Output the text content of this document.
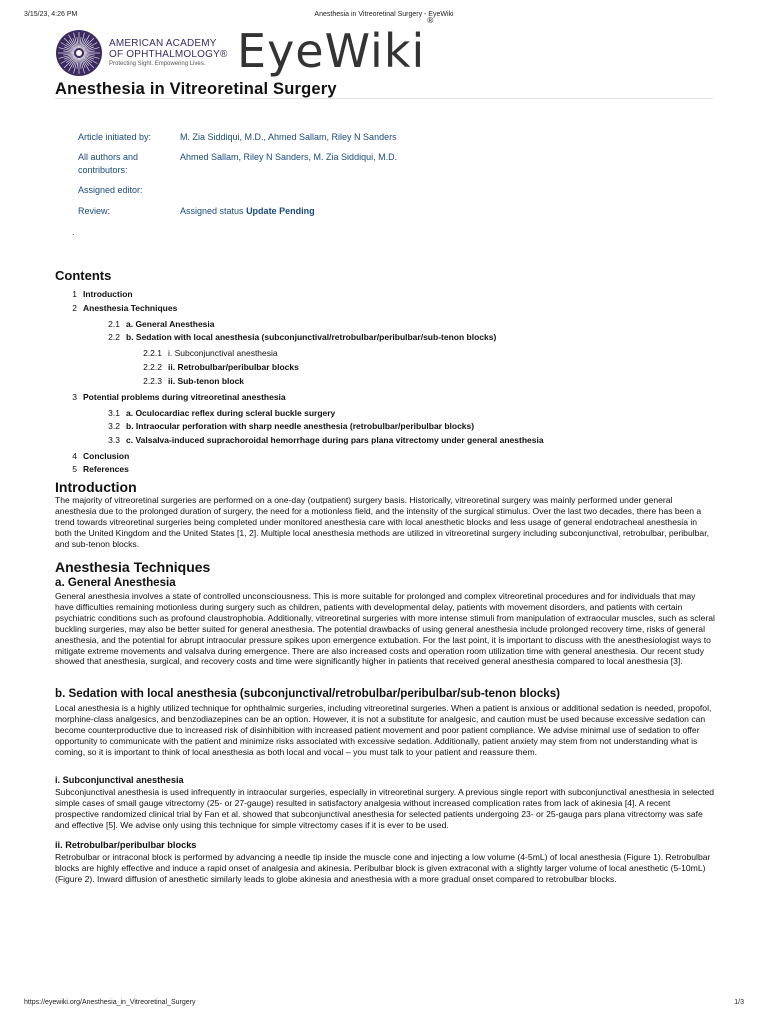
3/15/23, 4:26 PM	Anesthesia in Vitreoretinal Surgery - EyeWiki
AMERICAN ACADEMY
OF OPHTHALMOLOGY®
Protecting Sight. Empowering Lives. EyeWiki®
Anesthesia in Vitreoretinal Surgery
Article initiated by:	M. Zia Siddiqui, M.D., Ahmed Sallam, Riley N Sanders
All authors and contributors:
Ahmed Sallam, Riley N Sanders, M. Zia Siddiqui, M.D.
Assigned editor:
Review:	Assigned status Update Pending
.
Contents
1 Introduction
2 Anesthesia Techniques
2.1 a. General Anesthesia
2.2 b. Sedation with local anesthesia (subconjunctival/retrobulbar/peribulbar/sub-tenon blocks)
2.2.1 i. Subconjunctival anesthesia
2.2.2 ii. Retrobulbar/peribulbar blocks
2.2.3 ii. Sub-tenon block
3 Potential problems during vitreoretinal anesthesia
3.1 a. Oculocardiac reflex during scleral buckle surgery
3.2 b. Intraocular perforation with sharp needle anesthesia (retrobulbar/peribulbar blocks)
3.3 c. Valsalva-induced suprachoroidal hemorrhage during pars plana vitrectomy under general anesthesia
4 Conclusion
5 References
Introduction

The majority of vitreoretinal surgeries are performed on a one-day (outpatient) surgery basis. Historically, vitreoretinal surgery was mainly performed under general anesthesia due to the prolonged duration of surgery, the need for a motionless field, and the intensity of the surgical stimulus. Over the last two decades, there has been a trend towards vitreoretinal surgeries being completed under monitored anesthesia care with local anesthetic blocks and less usage of general endotracheal anesthesia in both the United Kingdom and the United States [1, 2]. Multiple local anesthesia methods are utilized in vitreoretinal surgery including subconjunctival, retrobulbar, peribulbar, and sub-tenon blocks.

Anesthesia Techniques
a. General Anesthesia

General anesthesia involves a state of controlled unconsciousness. This is more suitable for prolonged and complex vitreoretinal procedures and for individuals that may have difficulties remaining motionless during surgery such as children, patients with developmental delay, patients with movement disorders, and patients with certain psychiatric conditions such as profound claustrophobia. Additionally, vitreoretinal surgeries with more intense stimuli from manipulation of extraocular muscles, such as scleral buckling surgeries, may also be better suited for general anesthesia. The potential drawbacks of using general anesthesia include prolonged recovery time, risks of general anesthesia, and the potential for abrupt intraocular pressure spikes upon emergence extubation. For the last point, it is important to discuss with the anesthesiologist ways to mitigate extreme movements and valsalva during emergence. There are also increased costs and operation room utilization time with general anesthesia. Our recent study showed that anesthesia, surgical, and recovery costs and time were significantly higher in patients that received general anesthesia compared to local anesthesia [3].

b. Sedation with local anesthesia (subconjunctival/retrobulbar/peribulbar/sub-tenon blocks)

Local anesthesia is a highly utilized technique for ophthalmic surgeries, including vitreoretinal surgeries. When a patient is anxious or additional sedation is needed, propofol, morphine-class analgesics, and benzodiazepines can be an option. However, it is not a substitute for analgesic, and caution must be used because excessive sedation can become counterproductive due to increased risk of disinhibition with increased patient movement and poor patient compliance. We advise minimal use of sedation to offer opportunity to communicate with the patient and minimize risks associated with excessive sedation. Additionally, patient anxiety may stem from not understanding what is coming, so it is important to think of local anesthesia as both local and vocal – you must talk to your patient and reassure them.

i. Subconjunctival anesthesia

Subconjunctival anesthesia is used infrequently in intraocular surgeries, especially in vitreoretinal surgery. A previous single report with subconjunctival anesthesia in selected simple cases of small gauge vitrectomy (25- or 27-gauge) resulted in satisfactory analgesia without increased complication rates from lack of akinesia [4]. A recent prospective randomized clinical trial by Fan et al. showed that subconjunctival anesthesia for selected patients undergoing 23- or 25-gauga pars plana vitrectomy was safe and effective [5]. We advise only using this technique for simple vitrectomy cases if it is ever to be used.

ii. Retrobulbar/peribulbar blocks

Retrobulbar or intraconal block is performed by advancing a needle tip inside the muscle cone and injecting a low volume (4-5mL) of local anesthesia (Figure 1). Retrobulbar blocks are highly effective and induce a rapid onset of analgesia and akinesia. Peribulbar block is given extraconal with a slightly larger volume of local anesthetic (5-10mL) (Figure 2). Inward diffusion of anesthetic similarly leads to globe akinesia and anesthesia with a more gradual onset compared to retrobulbar blocks.

https://eyewiki.org/Anesthesia_in_Vitreoretinal_Surgery	1/3
